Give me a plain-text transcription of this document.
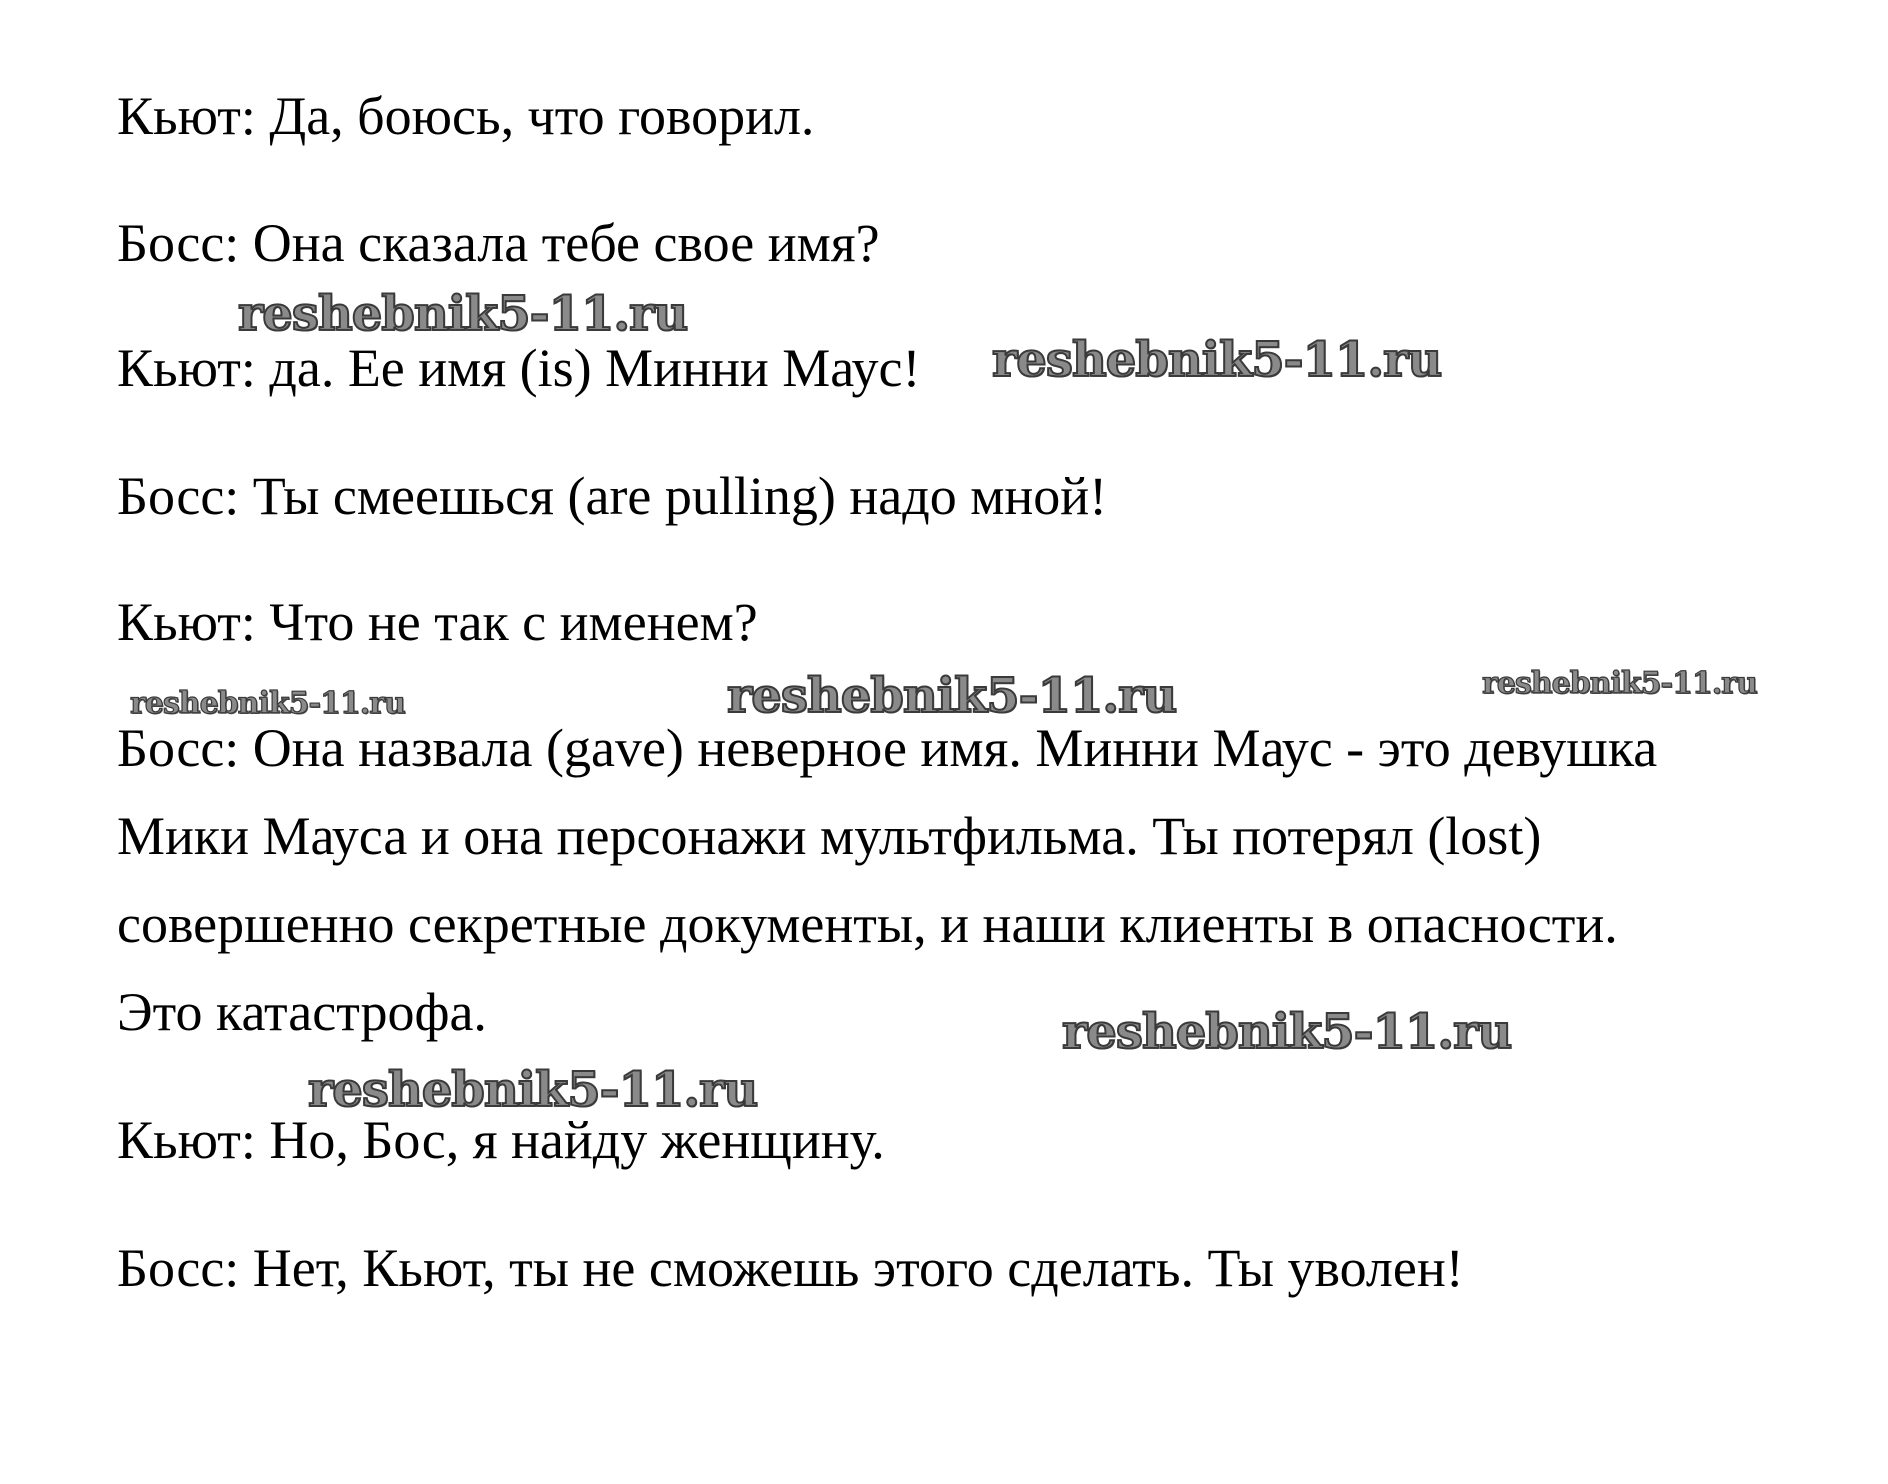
Кьют: Да, боюсь, что говорил.
Босс: Она сказала тебе свое имя?
Кьют: да. Ее имя (is) Минни Маус!
Босс: Ты смеешься (are pulling) надо мной!
Кьют: Что не так с именем?
Босс: Она назвала (gave) неверное имя. Минни Маус - это девушка
Мики Мауса и она персонажи мультфильма. Ты потерял (lost)
совершенно секретные документы, и наши клиенты в опасности.
Это катастрофа.
Кьют: Но, Бос, я найду женщину.
Босс: Нет, Кьют, ты не сможешь этого сделать. Ты уволен!
reshebnik5-11.ru
reshebnik5-11.ru
reshebnik5-11.ru	reshebnik5-11.ru	reshebnik5-11.ru
reshebnik5-11.ru
reshebnik5-11.ru
